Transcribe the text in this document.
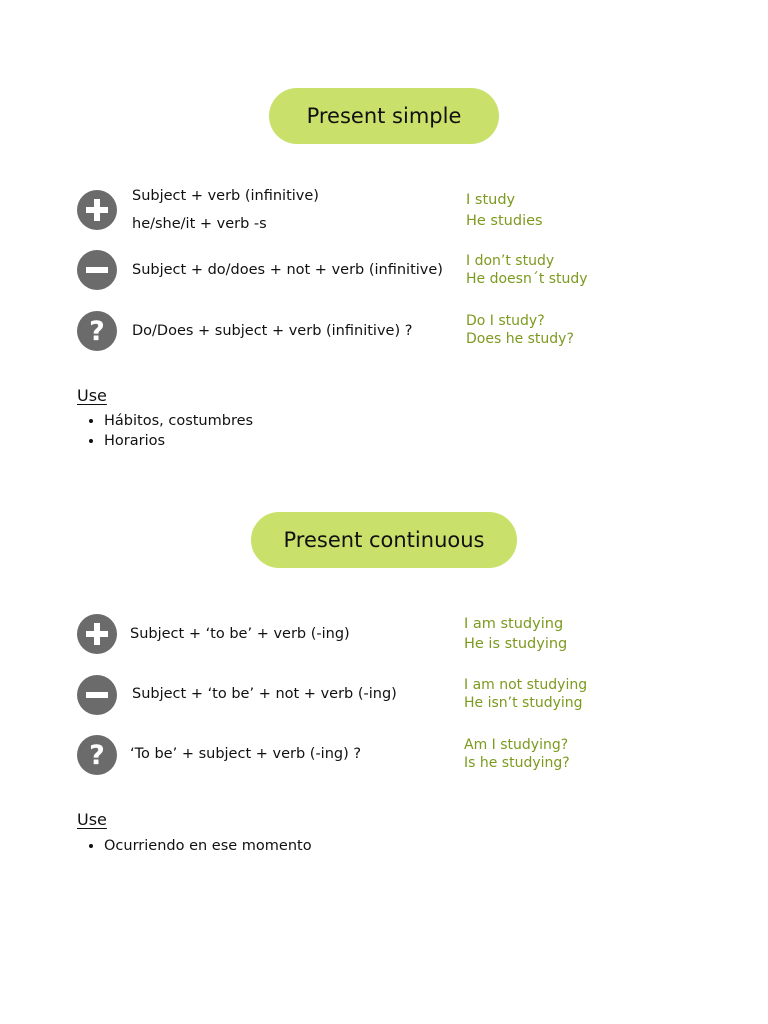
Present simple
Subject + verb (infinitive)
he/she/it + verb -s
I study
He studies
Subject + do/does + not + verb (infinitive)
I don’t study
He doesn´t study
? Do/Does + subject + verb (infinitive) ?
Do I study?
Does he study?
Use
• Hábitos, costumbres
• Horarios
Present continuous
Subject + ‘to be’ + verb (-ing)
I am studying
He is studying
Subject + ‘to be’ + not + verb (-ing)
I am not studying
He isn’t studying
? ‘To be’ + subject + verb (-ing) ?
Am I studying?
Is he studying?
Use
• Ocurriendo en ese momento
